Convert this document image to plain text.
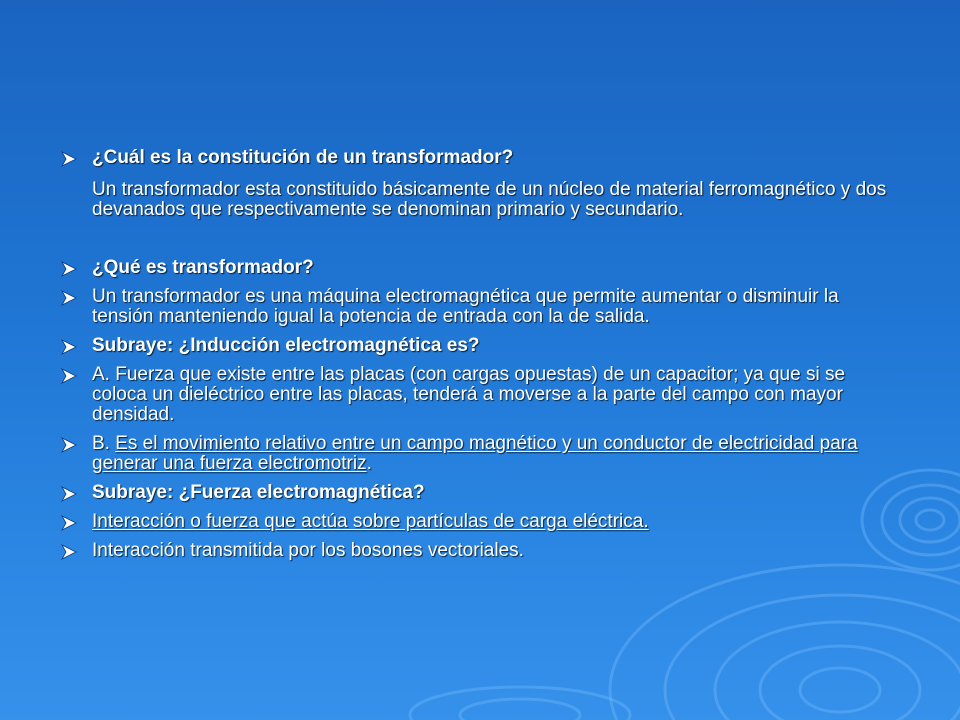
¿Cuál es la constitución de un transformador?
Un transformador esta constituido básicamente de un núcleo de material ferromagnético y dos devanados que respectivamente se denominan primario y secundario.
¿Qué es transformador?
Un transformador es una máquina electromagnética que permite aumentar o disminuir la tensión manteniendo igual la potencia de entrada con la de salida.
Subraye: ¿Inducción electromagnética es?
A. Fuerza que existe entre las placas (con cargas opuestas) de un capacitor; ya que si se coloca un dieléctrico entre las placas, tenderá a moverse a la parte del campo con mayor densidad.
B. Es el movimiento relativo entre un campo magnético y un conductor de electricidad para generar una fuerza electromotriz.
Subraye: ¿Fuerza electromagnética?
Interacción o fuerza que actúa sobre partículas de carga eléctrica.
Interacción transmitida por los bosones vectoriales.
